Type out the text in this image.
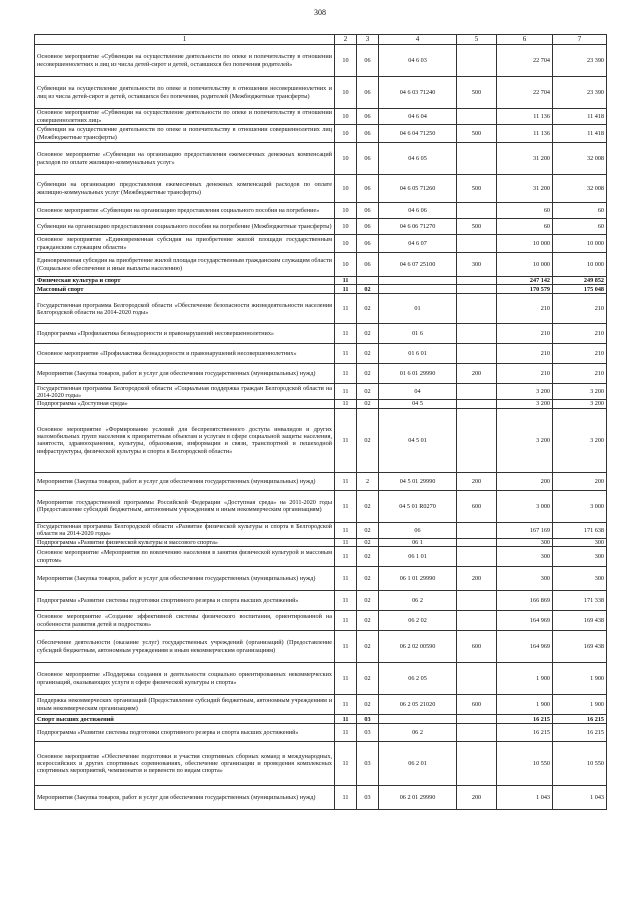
308
1	2	3	4	5	6	7
Основное мероприятие «Субвенции на осуществление деятельности по опеке и попечительству в отношении несовершеннолетних и лиц из числа детей-сирот и детей, оставшихся без попечения родителей»	10	06	04 6 03		22 704	23 390
Субвенции на осуществление деятельности по опеке и попечительству в отношении несовершеннолетних и лиц из числа детей-сирот и детей, оставшихся без попечения, родителей (Межбюджетные трансферты)	10	06	04 6 03 71240	500	22 704	23 390
Основное мероприятие «Субвенции на осуществление деятельности по опеке и попечительству в отношении совершеннолетних лиц»	10	06	04 6 04		11 136	11 418
Субвенции на осуществление деятельности по опеке и попечительству в отношении совершеннолетних лиц (Межбюджетные трансферты)	10	06	04 6 04 71250	500	11 136	11 418
Основное мероприятие «Субвенции на организацию предоставления ежемесячных денежных компенсаций расходов по оплате жилищно-коммунальных услуг»	10	06	04 6 05		31 200	32 008
Субвенции на организацию предоставления ежемесячных денежных компенсаций расходов по оплате жилищно-коммунальных услуг (Межбюджетные трансферты)	10	06	04 6 05 71260	500	31 200	32 008
Основное мероприятие «Субвенции на организацию предоставления социального пособия на погребение»	10	06	04 6 06		60	60
Субвенции на организацию предоставления социального пособия на погребение (Межбюджетные трансферты)	10	06	04 6 06 71270	500	60	60
Основное мероприятие «Единовременная субсидия на приобретение жилой площади государственным гражданским служащим области»	10	06	04 6 07		10 000	10 000
Единовременная субсидия на приобретение жилой площади государственным гражданским служащим области (Социальное обеспечение и иные выплаты населению)	10	06	04 6 07 25100	300	10 000	10 000
Физическая культура и спорт	11				247 142	249 852
Массовый спорт	11	02			170 579	175 048
Государственная программа Белгородской области «Обеспечение безопасности жизнедеятельности населения Белгородской области на 2014-2020 годы»	11	02	01		210	210
Подпрограмма «Профилактика безнадзорности и правонарушений несовершеннолетних»	11	02	01 6		210	210
Основное мероприятие «Профилактика безнадзорности и правонарушений несовершеннолетних»	11	02	01 6 01		210	210
Мероприятия (Закупка товаров, работ и услуг для обеспечения государственных (муниципальных) нужд)	11	02	01 6 01 29990	200	210	210
Государственная программа Белгородской области «Социальная поддержка граждан Белгородской области на 2014-2020 годы»	11	02	04		3 200	3 200
Подпрограмма «Доступная среда»	11	02	04 5		3 200	3 200
Основное мероприятие «Формирование условий для беспрепятственного доступа инвалидов и других маломобильных групп населения к приоритетным объектам и услугам в сфере социальной защиты населения, занятости, здравоохранения, культуры, образования, информации и связи, транспортной и пешеходной инфраструктуры, физической культуры и спорта в Белгородской области»	11	02	04 5 01		3 200	3 200
Мероприятия (Закупка товаров, работ и услуг для обеспечения государственных (муниципальных) нужд)	11	2	04 5 01 29990	200	200	200
Мероприятия государственной программы Российской Федерации «Доступная среда» на 2011-2020 годы (Предоставление субсидий бюджетным, автономным учреждениям и иным некоммерческим организациям)	11	02	04 5 01 R0270	600	3 000	3 000
Государственная программа Белгородской области «Развитие физической культуры и спорта в Белгородской области на 2014-2020 годы»	11	02	06		167 169	171 638
Подпрограмма «Развитие физической культуры и массового спорта»	11	02	06 1		300	300
Основное мероприятие «Мероприятия по вовлечению населения в занятия физической культурой и массовым спортом»	11	02	06 1 01		300	300
Мероприятия (Закупка товаров, работ и услуг для обеспечения государственных (муниципальных) нужд)	11	02	06 1 01 29990	200	300	300
Подпрограмма «Развитие системы подготовки спортивного резерва и спорта высших достижений»	11	02	06 2		166 869	171 338
Основное мероприятие «Создание эффективной системы физического воспитания, ориентированной на особенности развития детей и подростков»	11	02	06 2 02		164 969	169 438
Обеспечение деятельности (оказание услуг) государственных учреждений (организаций) (Предоставление субсидий бюджетным, автономным учреждениям и иным некоммерческим организациям)	11	02	06 2 02 00590	600	164 969	169 438
Основное мероприятие «Поддержка создания и деятельности социально ориентированных некоммерческих организаций, оказывающих услуги в сфере физической культуры и спорта»	11	02	06 2 05		1 900	1 900
Поддержка некоммерческих организаций (Предоставление субсидий бюджетным, автономным учреждениям и иным некоммерческим организациям)	11	02	06 2 05 21020	600	1 900	1 900
Спорт высших достижений	11	03			16 215	16 215
Подпрограмма «Развитие системы подготовки спортивного резерва и спорта высших достижений»	11	03	06 2		16 215	16 215
Основное мероприятие «Обеспечение подготовки и участия спортивных сборных команд в международных, всероссийских и других спортивных соревнованиях, обеспечение организации и проведения комплексных спортивных мероприятий, чемпионатов и первенств по видам спорта»	11	03	06 2 01		10 550	10 550
Мероприятия (Закупка товаров, работ и услуг для обеспечения государственных (муниципальных) нужд)	11	03	06 2 01 29990	200	1 043	1 043
